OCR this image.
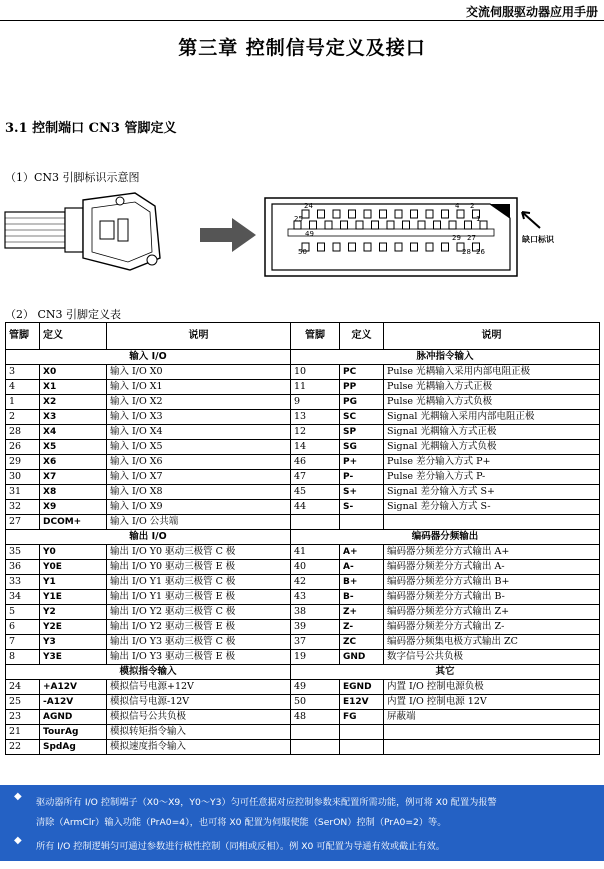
交流伺服驱动器应用手册
第三章 控制信号定义及接口
3.1 控制端口 CN3 管脚定义
（1）CN3 引脚标识示意图
24	4 2
25	1
49	29 27
50	28 26
缺口标识
（2） CN3 引脚定义表
管脚	定义	说明	管脚	定义	说明
输入 I/O			脉冲指令输入		
3	X0	输入 I/O X0	10	PC	Pulse 光耦输入采用内部电阻正极
4	X1	输入 I/O X1	11	PP	Pulse 光耦输入方式正极
1	X2	输入 I/O X2	9	PG	Pulse 光耦输入方式负极
2	X3	输入 I/O X3	13	SC	Signal 光耦输入采用内部电阻正极
28	X4	输入 I/O X4	12	SP	Signal 光耦输入方式正极
26	X5	输入 I/O X5	14	SG	Signal 光耦输入方式负极
29	X6	输入 I/O X6	46	P+	Pulse 差分输入方式 P+
30	X7	输入 I/O X7	47	P-	Pulse 差分输入方式 P-
31	X8	输入 I/O X8	45	S+	Signal 差分输入方式 S+
32	X9	输入 I/O X9	44	S-	Signal 差分输入方式 S-
27	DCOM+	输入 I/O 公共端			
输出 I/O			编码器分频输出		
35	Y0	输出 I/O Y0 驱动三极管 C 极	41	A+	编码器分频差分方式输出 A+
36	Y0E	输出 I/O Y0 驱动三极管 E 极	40	A-	编码器分频差分方式输出 A-
33	Y1	输出 I/O Y1 驱动三极管 C 极	42	B+	编码器分频差分方式输出 B+
34	Y1E	输出 I/O Y1 驱动三极管 E 极	43	B-	编码器分频差分方式输出 B-
5	Y2	输出 I/O Y2 驱动三极管 C 极	38	Z+	编码器分频差分方式输出 Z+
6	Y2E	输出 I/O Y2 驱动三极管 E 极	39	Z-	编码器分频差分方式输出 Z-
7	Y3	输出 I/O Y3 驱动三极管 C 极	37	ZC	编码器分频集电极方式输出 ZC
8	Y3E	输出 I/O Y3 驱动三极管 E 极	19	GND	数字信号公共负极
模拟指令输入			其它		
24	+A12V	模拟信号电源+12V	49	EGND	内置 I/O 控制电源负极
25	-A12V	模拟信号电源-12V	50	E12V	内置 I/O 控制电源 12V
23	AGND	模拟信号公共负极	48	FG	屏蔽端
21	TourAg	模拟转矩指令输入			
22	SpdAg	模拟速度指令输入			
◆

驱动器所有 I/O 控制端子（X0～X9，Y0～Y3）匀可任意据对应控制参数来配置所需功能，例可将 X0 配置为报警

清除（ArmClr）输入功能（PrA0=4），也可将 X0 配置为伺服使能（SerON）控制（PrA0=2）等。

◆

所有 I/O 控制逻辑匀可通过参数进行极性控制（同相或反相）。例 X0 可配置为导通有效或截止有效。
